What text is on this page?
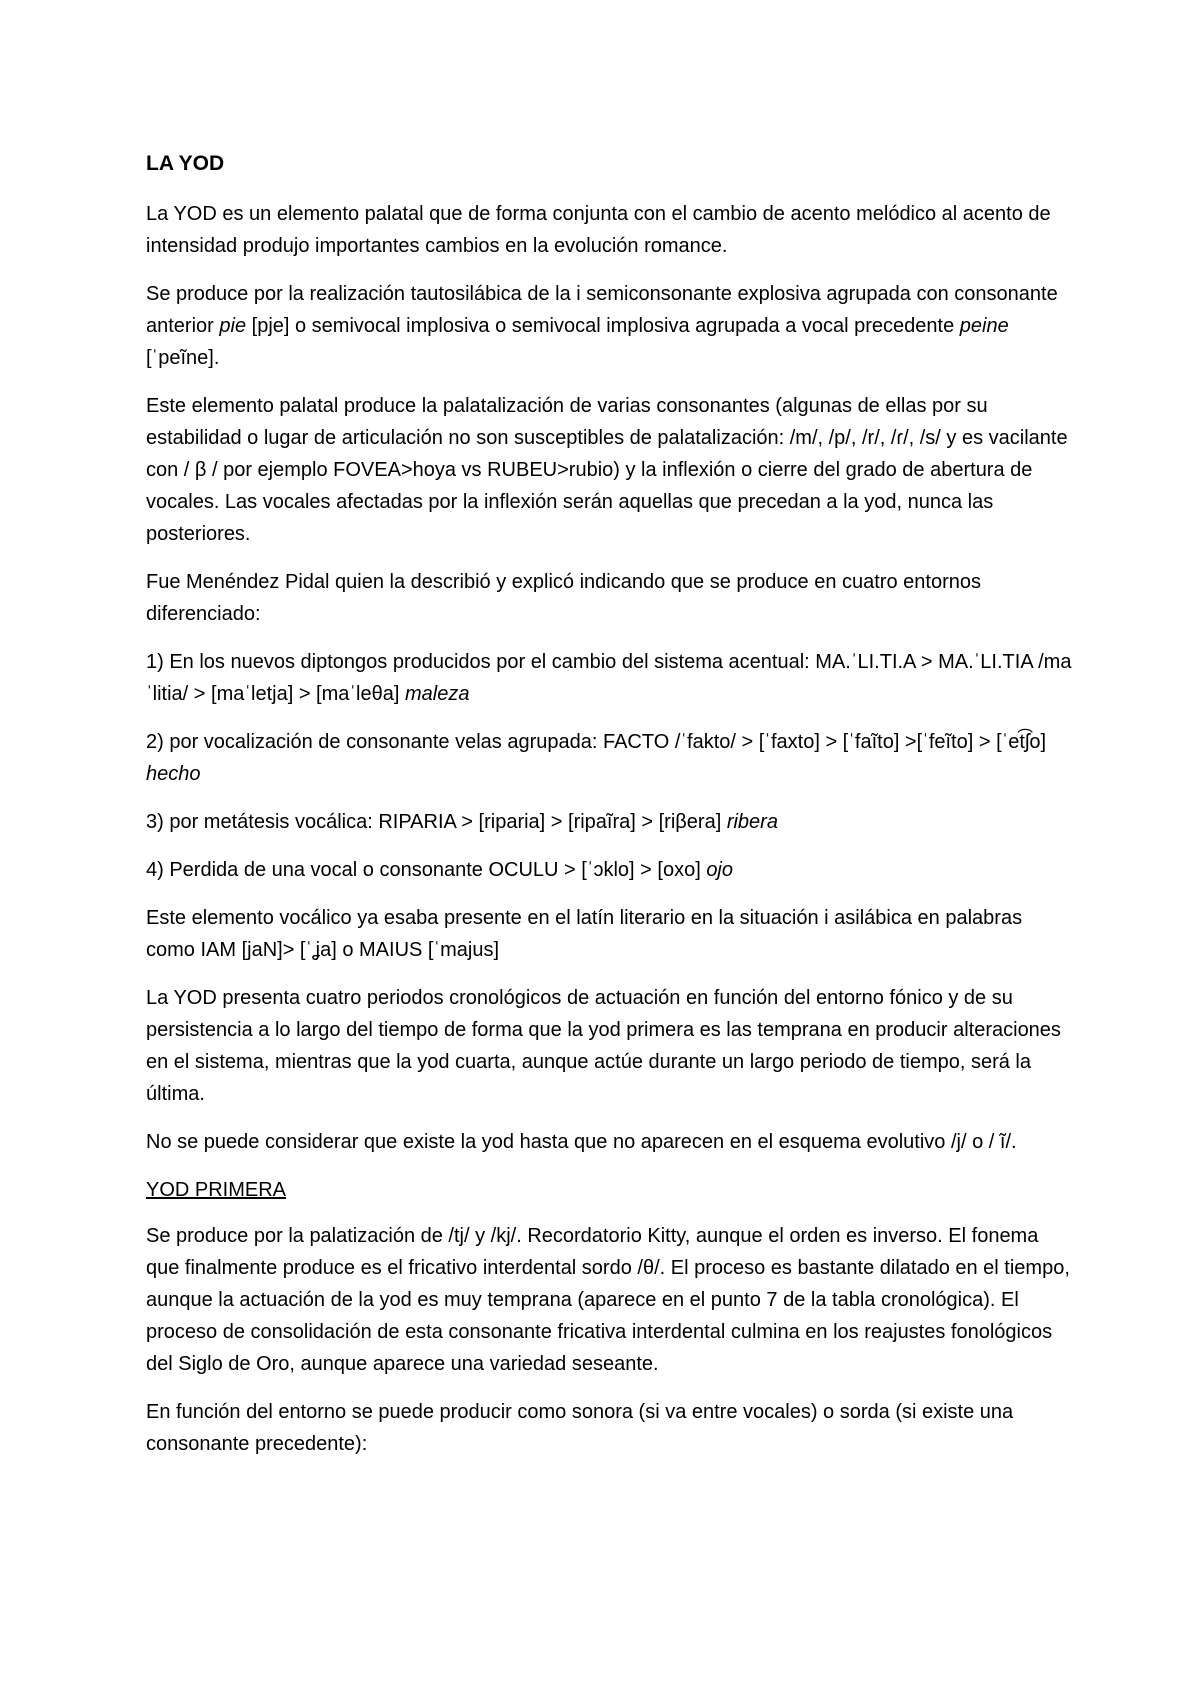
LA YOD

La YOD es un elemento palatal que de forma conjunta con el cambio de acento melódico al acento de intensidad produjo importantes cambios en la evolución romance.

Se produce por la realización tautosilábica de la i semiconsonante explosiva agrupada con consonante anterior pie [pje] o semivocal implosiva o semivocal implosiva agrupada a vocal precedente peine [ˈpeĩne].

Este elemento palatal produce la palatalización de varias consonantes (algunas de ellas por su estabilidad o lugar de articulación no son susceptibles de palatalización: /m/, /p/, /r/, /ɾ/, /s/ y es vacilante con / β / por ejemplo FOVEA>hoya vs RUBEU>rubio) y la inflexión o cierre del grado de abertura de vocales. Las vocales afectadas por la inflexión serán aquellas que precedan a la yod, nunca las posteriores.

Fue Menéndez Pidal quien la describió y explicó indicando que se produce en cuatro entornos diferenciado:

1) En los nuevos diptongos producidos por el cambio del sistema acentual: MA.ˈLI.TI.A > MA.ˈLI.TIA /maˈlitia/ > [maˈletja] > [maˈleθa] maleza

2) por vocalización de consonante velas agrupada: FACTO /ˈfakto/ > [ˈfaxto] > [ˈfaĩto] >[ˈfeĩto] > [ˈet͡ʃo] hecho

3) por metátesis vocálica: RIPARIA > [riparia] > [ripaĩra] > [riβera] ribera

4) Perdida de una vocal o consonante OCULU > [ˈɔklo] > [oxo] ojo

Este elemento vocálico ya esaba presente en el latín literario en la situación i asilábica en palabras como IAM [jaN]> [ˈʝa] o MAIUS [ˈmajus]

La YOD presenta cuatro periodos cronológicos de actuación en función del entorno fónico y de su persistencia a lo largo del tiempo de forma que la yod primera es las temprana en producir alteraciones en el sistema, mientras que la yod cuarta, aunque actúe durante un largo periodo de tiempo, será la última.

No se puede considerar que existe la yod hasta que no aparecen en el esquema evolutivo /j/ o / ĩ/.

YOD PRIMERA

Se produce por la palatización de /tj/ y /kj/. Recordatorio Kitty, aunque el orden es inverso. El fonema que finalmente produce es el fricativo interdental sordo /θ/. El proceso es bastante dilatado en el tiempo, aunque la actuación de la yod es muy temprana (aparece en el punto 7 de la tabla cronológica). El proceso de consolidación de esta consonante fricativa interdental culmina en los reajustes fonológicos del Siglo de Oro, aunque aparece una variedad seseante.

En función del entorno se puede producir como sonora (si va entre vocales) o sorda (si existe una consonante precedente):
